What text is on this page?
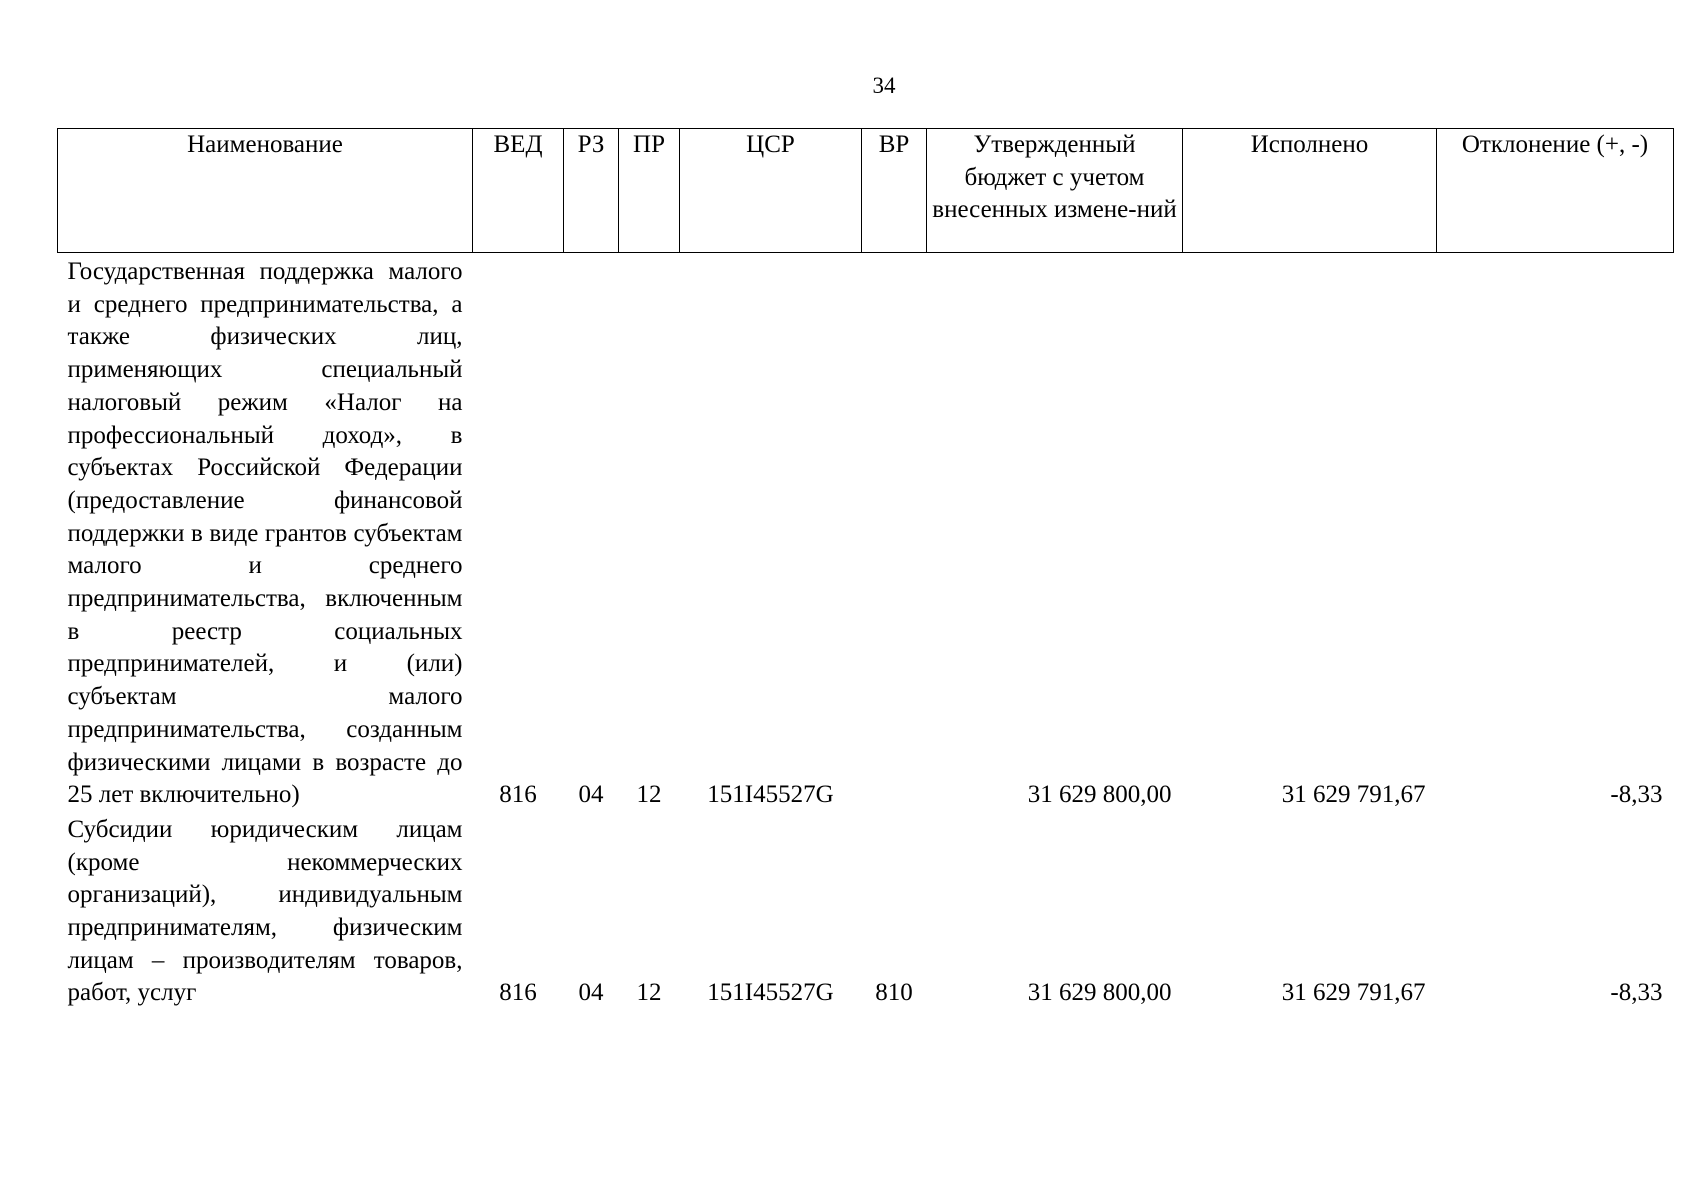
34
Наименование	ВЕД	РЗ	ПР	ЦСР	ВР	Утвержденный бюджет с учетом внесенных измене-ний	Исполнено	Отклонение (+, -)
Государственная поддержка малого и среднего предпринимательства, а также физических лиц, применяющих специальный налоговый режим «Налог на профессиональный доход», в субъектах Российской Федерации (предоставление финансовой поддержки в виде грантов субъектам малого и среднего предпринимательства, включенным в реестр социальных предпринимателей, и (или) субъектам малого предпринимательства, созданным физическими лицами в возрасте до 25 лет включительно)	816	04	12	151I45527G		31 629 800,00	31 629 791,67	-8,33
Субсидии юридическим лицам (кроме некоммерческих организаций), индивидуальным предпринимателям, физическим лицам – производителям товаров, работ, услуг	816	04	12	151I45527G	810	31 629 800,00	31 629 791,67	-8,33
